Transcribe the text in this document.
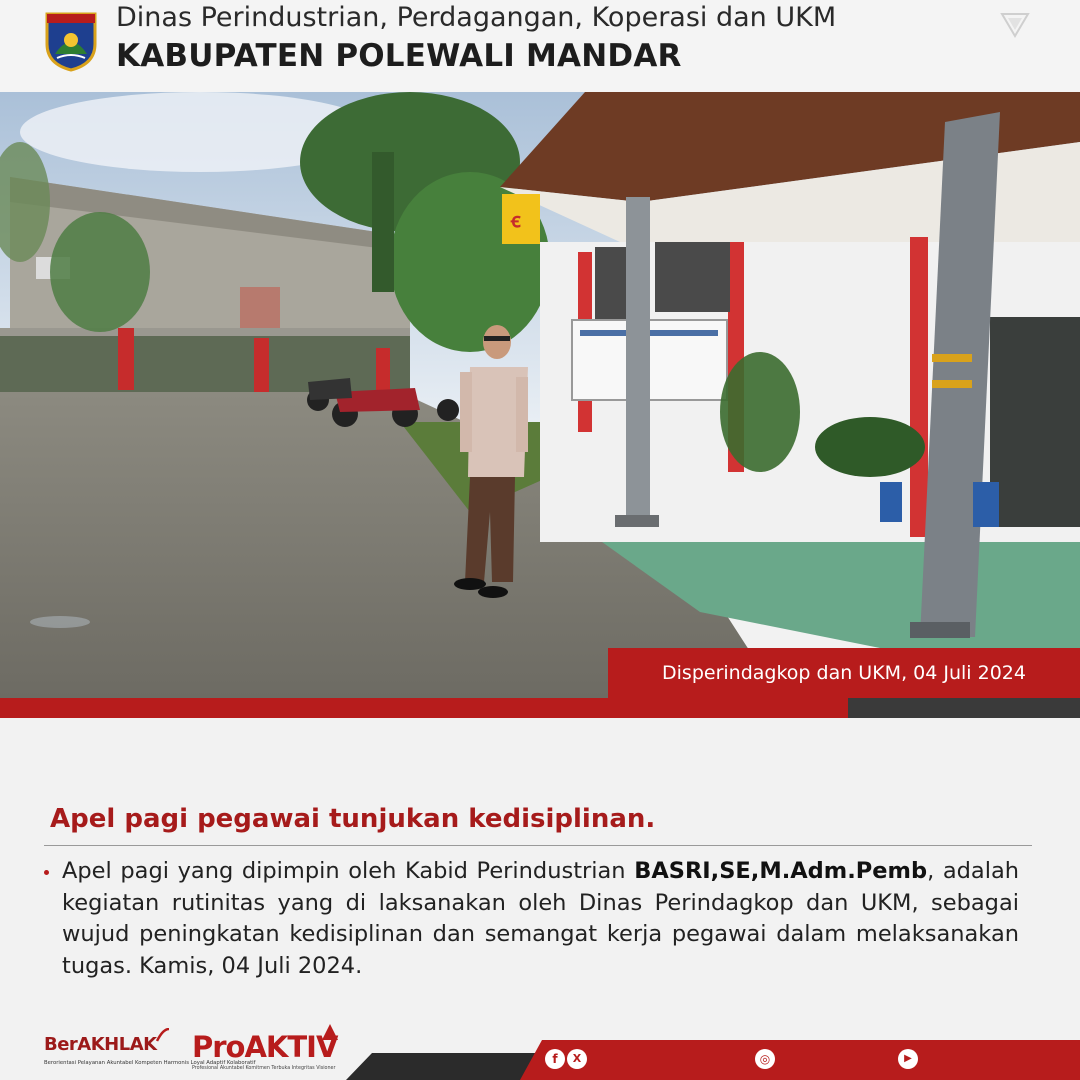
Dinas Perindustrian, Perdagangan, Koperasi dan UKM
KABUPATEN POLEWALI MANDAR
ꞓ
Disperindagkop dan UKM, 04 Juli 2024
Apel pagi pegawai tunjukan kedisiplinan.
Apel pagi yang dipimpin oleh Kabid Perindustrian BASRI,SE,M.Adm.Pemb, adalah kegiatan rutinitas yang di laksanakan oleh Dinas Perindagkop dan UKM, sebagai wujud peningkatan kedisiplinan dan semangat kerja pegawai dalam melaksanakan tugas. Kamis, 04 Juli 2024.
BerAKHLAK
Berorientasi Pelayanan Akuntabel Kompeten Harmonis Loyal Adaptif Kolaboratif
ProAKTIV
Profesional Akuntabel Komitmen Terbuka Integritas Visioner
f	X	◎	▶
